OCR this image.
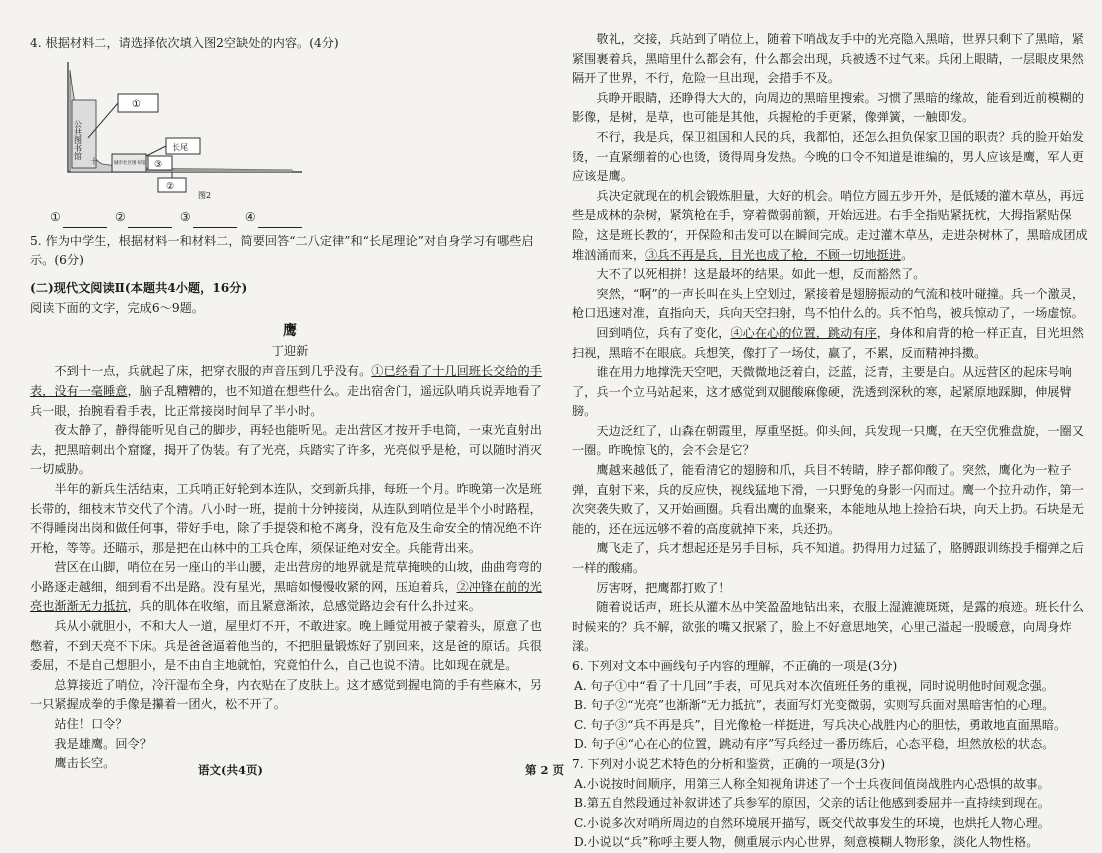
4. 根据材料二，请选择依次填入图2空缺处的内容。(4分)

公共图书馆
十
①
长尾
城市社区图书馆 ③
②
图2
①	②	③	④

5. 作为中学生，根据材料一和材料二，简要回答“二八定律”和“长尾理论”对自身学习有哪些启示。(6分)

(二)现代文阅读Ⅱ(本题共4小题，16分)

阅读下面的文字，完成6～9题。

鹰

丁迎新

不到十一点，兵就起了床，把穿衣服的声音压到几乎没有。①已经看了十几回班长交给的手表，没有一毫睡意，脑子乱糟糟的，也不知道在想些什么。走出宿舍门，遥远队哨兵说弄地看了兵一眼，抬腕看看手表，比正常接岗时间早了半小时。

夜太静了，静得能听见自己的脚步，再轻也能听见。走出营区才按开手电筒，一束光直射出去，把黑暗刺出个窟窿，揭开了伪装。有了光亮，兵踏实了许多，光亮似乎是枪，可以随时消灭一切威胁。

半年的新兵生活结束，工兵哨正好轮到本连队，交到新兵排，每班一个月。昨晚第一次是班长带的，细枝末节交代了个清。八小时一班，提前十分钟接岗，从连队到哨位是半个小时路程，不得睡岗出岗和做任何事，带好手电，除了手提袋和枪不离身，没有危及生命安全的情况绝不许开枪，等等。还瞄示，那是把在山林中的工兵仓库，须保证绝对安全。兵能背出来。

营区在山脚，哨位在另一座山的半山腰，走出营房的地界就是荒草掩映的山坡，曲曲弯弯的小路逐走越细，细到看不出是路。没有星光，黑暗如慢慢收紧的网，压迫着兵，②冲锋在前的光亮也渐渐无力抵抗，兵的肌体在收缩，而且紧意渐浓，总感觉路边会有什么扑过来。

兵从小就胆小，不和大人一道，屋里灯不开，不敢进家。晚上睡觉用被子蒙着头，原意了也憋着，不到天亮不下床。兵是爸爸逼着他当的，不把胆量锻炼好了别回来，这是爸的原话。兵很委屈，不是自己想胆小，是不由自主地就怕，究竟怕什么，自己也说不清。比如现在就是。

总算接近了哨位，冷汗湿布全身，内衣贴在了皮肤上。这才感觉到握电筒的手有些麻木，另一只紧握成拳的手像是攥着一团火，松不开了。

站住！口令？

我是雄鹰。回令？

鹰击长空。

敬礼，交接，兵站到了哨位上，随着下哨战友手中的光亮隐入黑暗，世界只剩下了黑暗，紧紧围裹着兵，黑暗里什么都会有，什么都会出现，兵被透不过气来。兵闭上眼睛，一层眼皮果然隔开了世界，不行，危险一旦出现，会措手不及。

兵睁开眼睛，还睁得大大的，向周边的黑暗里搜索。习惯了黑暗的缘故，能看到近前模糊的影像，是树，是草，也可能是其他，兵握枪的手更紧，像弹簧，一触即发。

不行，我是兵，保卫祖国和人民的兵，我都怕，还怎么担负保家卫国的职责？兵的脸开始发烫，一直紧绷着的心也烫，烫得周身发热。今晚的口令不知道是谁编的，男人应该是鹰，军人更应该是鹰。

兵决定就现在的机会锻炼胆量，大好的机会。哨位方圆五步开外，是低矮的灌木草丛，再远些是成林的杂树，紧筑枪在手，穿着微弱前额，开始远进。右手全指贴紧抚枕，大拇指紧贴保险，这是班长教的‘，开保险和击发可以在瞬间完成。走过灌木草丛，走进杂树林了，黑暗成团成堆汹涌而来，③兵不再是兵，目光也成了枪，不顾一切地挺进。

大不了以死相拼！这是最坏的结果。如此一想，反而豁然了。

突然，“啊”的一声长叫在头上空划过，紧接着是翅膀振动的气流和枝叶碰撞。兵一个激灵，枪口迅速对准，直指向天，兵向天空扫射，鸟不怕什么的。兵不怕鸟，被兵惊动了，一场虚惊。

回到哨位，兵有了变化，④心在心的位置，跳动有序，身体和肩背的枪一样正直，目光坦然扫视，黑暗不在眼底。兵想笑，像打了一场仗，赢了，不累，反而精神抖擞。

谁在用力地撑洗天空吧，天微微地泛着白，泛蓝，泛青，主要是白。从远营区的起床号响了，兵一个立马站起来，这才感觉到双腿酸麻像硬，洗透到深秋的寒，起紧原地踩脚，伸展臂膀。

天边泛红了，山森在朝霞里，厚重坚挺。仰头间，兵发现一只鹰，在天空优雅盘旋，一圈又一圈。昨晚惊飞的，会不会是它？

鹰越来越低了，能看清它的翅膀和爪，兵目不转睛，脖子都仰酸了。突然，鹰化为一粒子弹，直射下来，兵的反应快，视线猛地下滑，一只野兔的身影一闪而过。鹰一个拉升动作，第一次突袭失败了，又开始画圈。兵看出鹰的血聚来，本能地从地上捡拾石块，向天上扔。石块是无能的，还在远远够不着的高度就掉下来，兵还扔。

鹰飞走了，兵才想起还是另手目标，兵不知道。扔得用力过猛了，胳膊跟训练投手榴弹之后一样的酸痛。

厉害呀，把鹰都打败了！

随着说话声，班长从灌木丛中笑盈盈地钻出来，衣服上湿漉漉斑斑，是露的痕迹。班长什么时候来的？兵不解，欲张的嘴又抿紧了，脸上不好意思地笑，心里己溢起一股暖意，向周身炸漾。

6. 下列对文本中画线句子内容的理解，不正确的一项是(3分)

A. 句子①中“看了十几回”手表，可见兵对本次值班任务的重视，同时说明他时间观念强。

B. 句子②“光亮”也渐渐“无力抵抗”，表面写灯光变微弱，实则写兵面对黑暗害怕的心理。

C. 句子③“兵不再是兵”，目光像枪一样挺进，写兵决心战胜内心的胆怯，勇敢地直面黑暗。

D. 句子④“心在心的位置，跳动有序”写兵经过一番历练后，心态平稳，坦然放松的状态。

7. 下列对小说艺术特色的分析和鉴赏，正确的一项是(3分)

A.小说按时间顺序，用第三人称全知视角讲述了一个士兵夜间值岗战胜内心恐惧的故事。

B.第五自然段通过补叙讲述了兵参军的原因，父亲的话让他感到委屈并一直持续到现在。

C.小说多次对哨所周边的自然环境展开描写，既交代故事发生的环境，也烘托人物心理。

D.小说以“兵”称呼主要人物，侧重展示内心世界，刻意模糊人物形象，淡化人物性格。

语文(共4页)	第 2 页
